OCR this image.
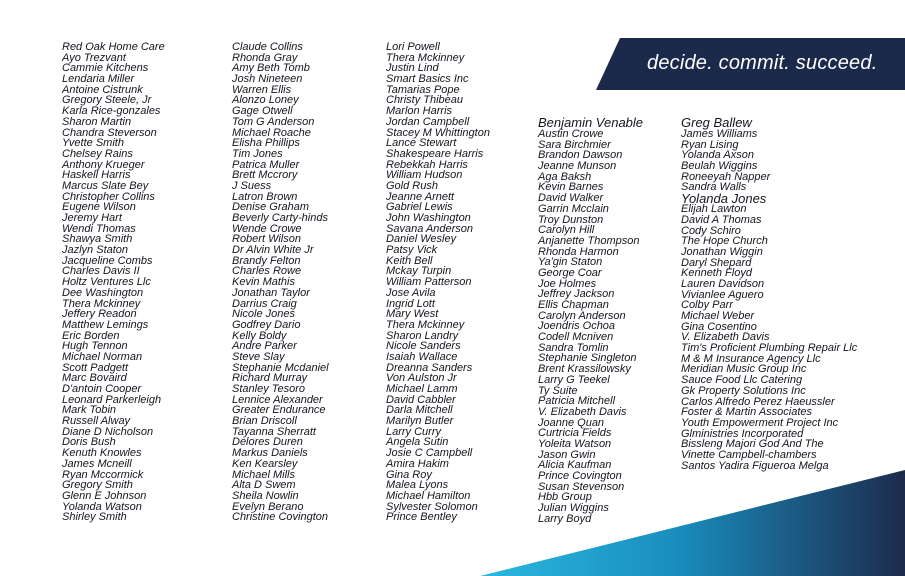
decide. commit. succeed.
Red Oak Home Care
Ayo Trezvant
Cammie Kitchens
Lendaria Miller
Antoine Cistrunk
Gregory Steele, Jr
Karla Rice-gonzales
Sharon Martin
Chandra Steverson
Yvette Smith
Chelsey Rains
Anthony Krueger
Haskell Harris
Marcus Slate Bey
Christopher Collins
Eugene Wilson
Jeremy Hart
Wendi Thomas
Shawya Smith
Jazlyn Staton
Jacqueline Combs
Charles Davis II
Holtz Ventures Llc
Dee Washington
Thera Mckinney
Jeffery Readon
Matthew Lemings
Eric Borden
Hugh Tennon
Michael Norman
Scott Padgett
Marc Bovaird
D'antoin Cooper
Leonard Parkerleigh
Mark Tobin
Russell Alway
Diane D Nicholson
Doris Bush
Kenuth Knowles
James Mcneill
Ryan Mccormick
Gregory Smith
Glenn E Johnson
Yolanda Watson
Shirley Smith
Claude Collins
Rhonda Gray
Amy Beth Tomb
Josh Nineteen
Warren Ellis
Alonzo Loney
Gage Otwell
Tom G Anderson
Michael Roache
Elisha Phillips
Tim Jones
Patrica Muller
Brett Mccrory
J Suess
Latron Brown
Denise Graham
Beverly Carty-hinds
Wende Crowe
Robert Wilson
Dr Alvin White Jr
Brandy Felton
Charles Rowe
Kevin Mathis
Jonathan Taylor
Darrius Craig
Nicole Jones
Godfrey Dario
Kelly Boldy
Andre Parker
Steve Slay
Stephanie Mcdaniel
Richard Murray
Stanley Tesoro
Lennice Alexander
Greater Endurance
Brian Driscoll
Tayanna Sherratt
Delores Duren
Markus Daniels
Ken Kearsley
Michael Mills
Alta D Swem
Sheila Nowlin
Evelyn Berano
Christine Covington
Lori Powell
Thera Mckinney
Justin Lind
Smart Basics Inc
Tamarias Pope
Christy Thibeau
Marlon Harris
Jordan Campbell
Stacey M Whittington
Lance Stewart
Shakespeare Harris
Rebekkah Harris
William Hudson
Gold Rush
Jeanne Arnett
Gabriel Lewis
John Washington
Savana Anderson
Daniel Wesley
Patsy Vick
Keith Bell
Mckay Turpin
William Patterson
Jose Avila
Ingrid Lott
Mary West
Thera Mckinney
Sharon Landry
Nicole Sanders
Isaiah Wallace
Dreanna Sanders
Von Aulston Jr
Michael Lamm
David Cabbler
Darla Mitchell
Marilyn Butler
Larry Curry
Angela Sutin
Josie C Campbell
Amira Hakim
Gina Roy
Malea Lyons
Michael Hamilton
Sylvester Solomon
Prince Bentley
Benjamin Venable
Austin Crowe
Sara Birchmier
Brandon Dawson
Jeanne Munson
Aga Baksh
Kevin Barnes
David Walker
Garrin Mcclain
Troy Dunston
Carolyn Hill
Anjanette Thompson
Rhonda Harmon
Ya'gin Staton
George Coar
Joe Holmes
Jeffrey Jackson
Ellis Chapman
Carolyn Anderson
Joendris Ochoa
Codell Mcniven
Sandra Tomlin
Stephanie Singleton
Brent Krassilowsky
Larry G Teekel
Ty Suite
Patricia Mitchell
V. Elizabeth Davis
Joanne Quan
Curtricia Fields
Yoleita Watson
Jason Gwin
Alicia Kaufman
Prince Covington
Susan Stevenson
Hbb Group
Julian Wiggins
Larry Boyd
Greg Ballew
James Williams
Ryan Lising
Yolanda Axson
Beulah Wiggins
Roneeyah Napper
Sandra Walls
Yolanda Jones
Elijah Lawton
David A Thomas
Cody Schiro
The Hope Church
Jonathan Wiggin
Daryl Shepard
Kenneth Floyd
Lauren Davidson
Vivianlee Aguero
Colby Parr
Michael Weber
Gina Cosentino
V. Elizabeth Davis
Tim's Proficient Plumbing Repair Llc
M & M Insurance Agency Llc
Meridian Music Group Inc
Sauce Food Llc Catering
Gk Property Solutions Inc
Carlos Alfredo Perez Haeussler
Foster & Martin Associates
Youth Empowerment Project Inc
Glministries Incorporated
Bissleng Majori God And The
Vinette Campbell-chambers
Santos Yadira Figueroa Melga
